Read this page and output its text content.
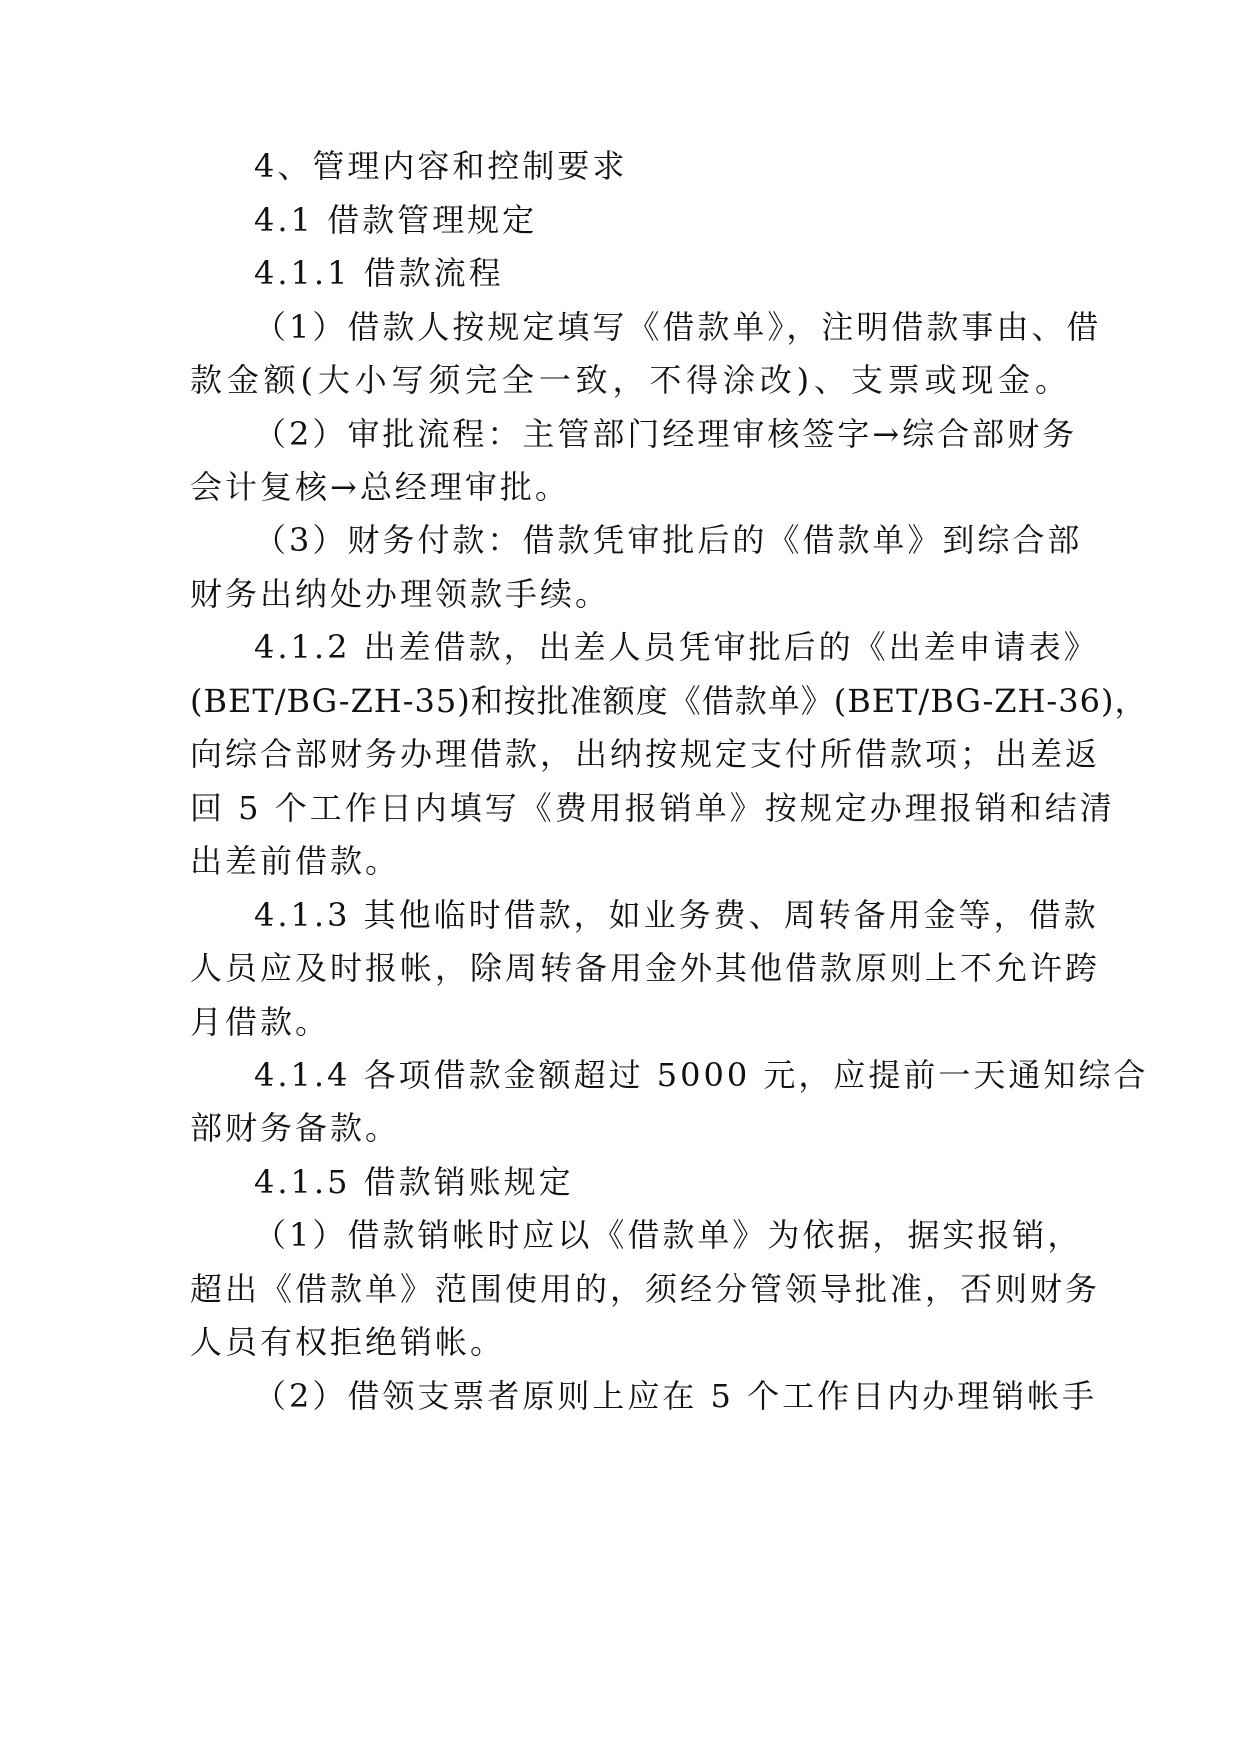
4、管理内容和控制要求
4.1 借款管理规定
4.1.1 借款流程
（1）借款人按规定填写《借款单》，注明借款事由、借
款金额(大小写须完全一致，不得涂改)、支票或现金。
（2）审批流程：主管部门经理审核签字→综合部财务
会计复核→总经理审批。
（3）财务付款：借款凭审批后的《借款单》到综合部
财务出纳处办理领款手续。
4.1.2 出差借款，出差人员凭审批后的《出差申请表》
(BET/BG-ZH-35)和按批准额度《借款单》(BET/BG-ZH-36)，
向综合部财务办理借款，出纳按规定支付所借款项；出差返
回 5 个工作日内填写《费用报销单》按规定办理报销和结清
出差前借款。
4.1.3 其他临时借款，如业务费、周转备用金等，借款
人员应及时报帐，除周转备用金外其他借款原则上不允许跨
月借款。
4.1.4 各项借款金额超过 5000 元，应提前一天通知综合
部财务备款。
4.1.5 借款销账规定
（1）借款销帐时应以《借款单》为依据，据实报销，
超出《借款单》范围使用的，须经分管领导批准，否则财务
人员有权拒绝销帐。
（2）借领支票者原则上应在 5 个工作日内办理销帐手
